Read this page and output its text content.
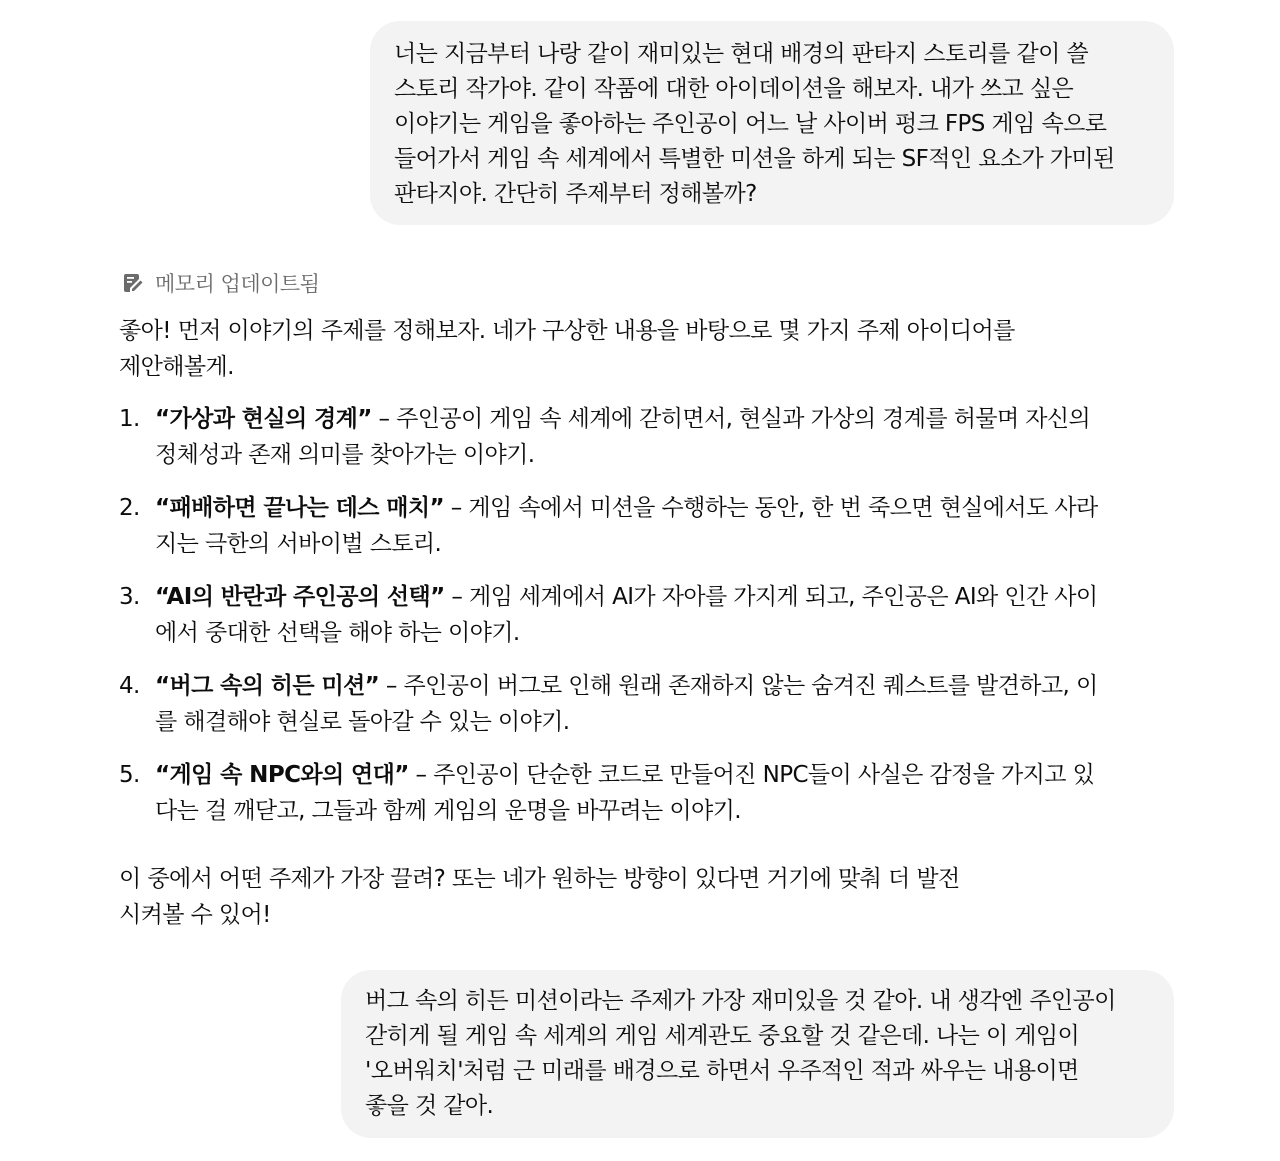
너는 지금부터 나랑 같이 재미있는 현대 배경의 판타지 스토리를 같이 쓸
스토리 작가야. 같이 작품에 대한 아이데이션을 해보자. 내가 쓰고 싶은
이야기는 게임을 좋아하는 주인공이 어느 날 사이버 펑크 FPS 게임 속으로
들어가서 게임 속 세계에서 특별한 미션을 하게 되는 SF적인 요소가 가미된
판타지야. 간단히 주제부터 정해볼까?
메모리 업데이트됨
좋아! 먼저 이야기의 주제를 정해보자. 네가 구상한 내용을 바탕으로 몇 가지 주제 아이디어를
제안해볼게.
1. “가상과 현실의 경계” – 주인공이 게임 속 세계에 갇히면서, 현실과 가상의 경계를 허물며 자신의
정체성과 존재 의미를 찾아가는 이야기.
2. “패배하면 끝나는 데스 매치” – 게임 속에서 미션을 수행하는 동안, 한 번 죽으면 현실에서도 사라
지는 극한의 서바이벌 스토리.
3. “AI의 반란과 주인공의 선택” – 게임 세계에서 AI가 자아를 가지게 되고, 주인공은 AI와 인간 사이
에서 중대한 선택을 해야 하는 이야기.
4. “버그 속의 히든 미션” – 주인공이 버그로 인해 원래 존재하지 않는 숨겨진 퀘스트를 발견하고, 이
를 해결해야 현실로 돌아갈 수 있는 이야기.
5. “게임 속 NPC와의 연대” – 주인공이 단순한 코드로 만들어진 NPC들이 사실은 감정을 가지고 있
다는 걸 깨닫고, 그들과 함께 게임의 운명을 바꾸려는 이야기.
이 중에서 어떤 주제가 가장 끌려? 또는 네가 원하는 방향이 있다면 거기에 맞춰 더 발전
시켜볼 수 있어!
버그 속의 히든 미션이라는 주제가 가장 재미있을 것 같아. 내 생각엔 주인공이
갇히게 될 게임 속 세계의 게임 세계관도 중요할 것 같은데. 나는 이 게임이
'오버워치'처럼 근 미래를 배경으로 하면서 우주적인 적과 싸우는 내용이면
좋을 것 같아.
